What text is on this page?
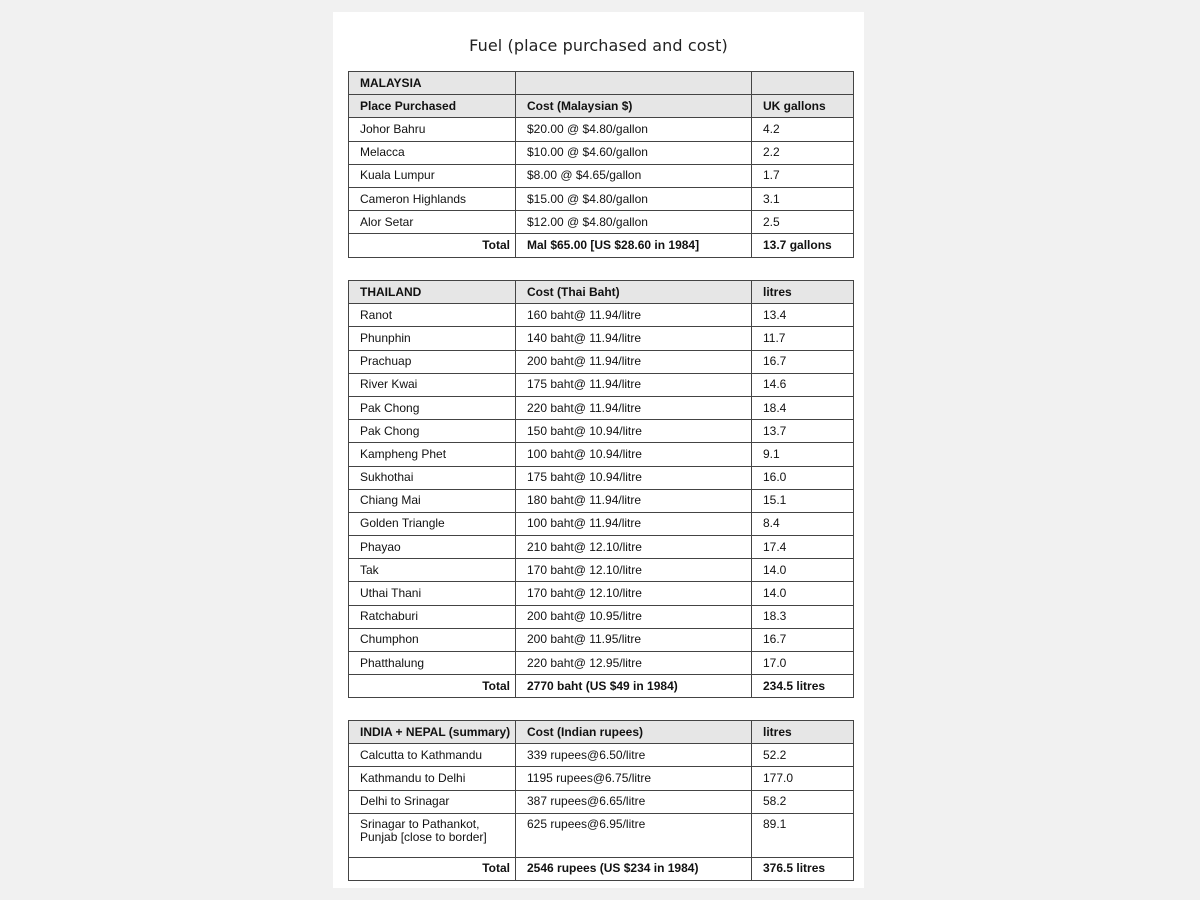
Fuel (place purchased and cost)
MALAYSIA		
Place Purchased	Cost (Malaysian $)	UK gallons
Johor Bahru	$20.00 @ $4.80/gallon	4.2
Melacca	$10.00 @ $4.60/gallon	2.2
Kuala Lumpur	$8.00 @ $4.65/gallon	1.7
Cameron Highlands	$15.00 @ $4.80/gallon	3.1
Alor Setar	$12.00 @ $4.80/gallon	2.5
Total	Mal $65.00 [US $28.60 in 1984]	13.7 gallons
THAILAND	Cost (Thai Baht)	litres
Ranot	160 baht@ 11.94/litre	13.4
Phunphin	140 baht@ 11.94/litre	11.7
Prachuap	200 baht@ 11.94/litre	16.7
River Kwai	175 baht@ 11.94/litre	14.6
Pak Chong	220 baht@ 11.94/litre	18.4
Pak Chong	150 baht@ 10.94/litre	13.7
Kampheng Phet	100 baht@ 10.94/litre	9.1
Sukhothai	175 baht@ 10.94/litre	16.0
Chiang Mai	180 baht@ 11.94/litre	15.1
Golden Triangle	100 baht@ 11.94/litre	8.4
Phayao	210 baht@ 12.10/litre	17.4
Tak	170 baht@ 12.10/litre	14.0
Uthai Thani	170 baht@ 12.10/litre	14.0
Ratchaburi	200 baht@ 10.95/litre	18.3
Chumphon	200 baht@ 11.95/litre	16.7
Phatthalung	220 baht@ 12.95/litre	17.0
Total	2770 baht (US $49 in 1984)	234.5 litres
INDIA + NEPAL (summary)	Cost (Indian rupees)	litres
Calcutta to Kathmandu	339 rupees@6.50/litre	52.2
Kathmandu to Delhi	1195 rupees@6.75/litre	177.0
Delhi to Srinagar	387 rupees@6.65/litre	58.2
Srinagar to Pathankot, Punjab [close to border]	625 rupees@6.95/litre	89.1
Total	2546 rupees (US $234 in 1984)	376.5 litres
